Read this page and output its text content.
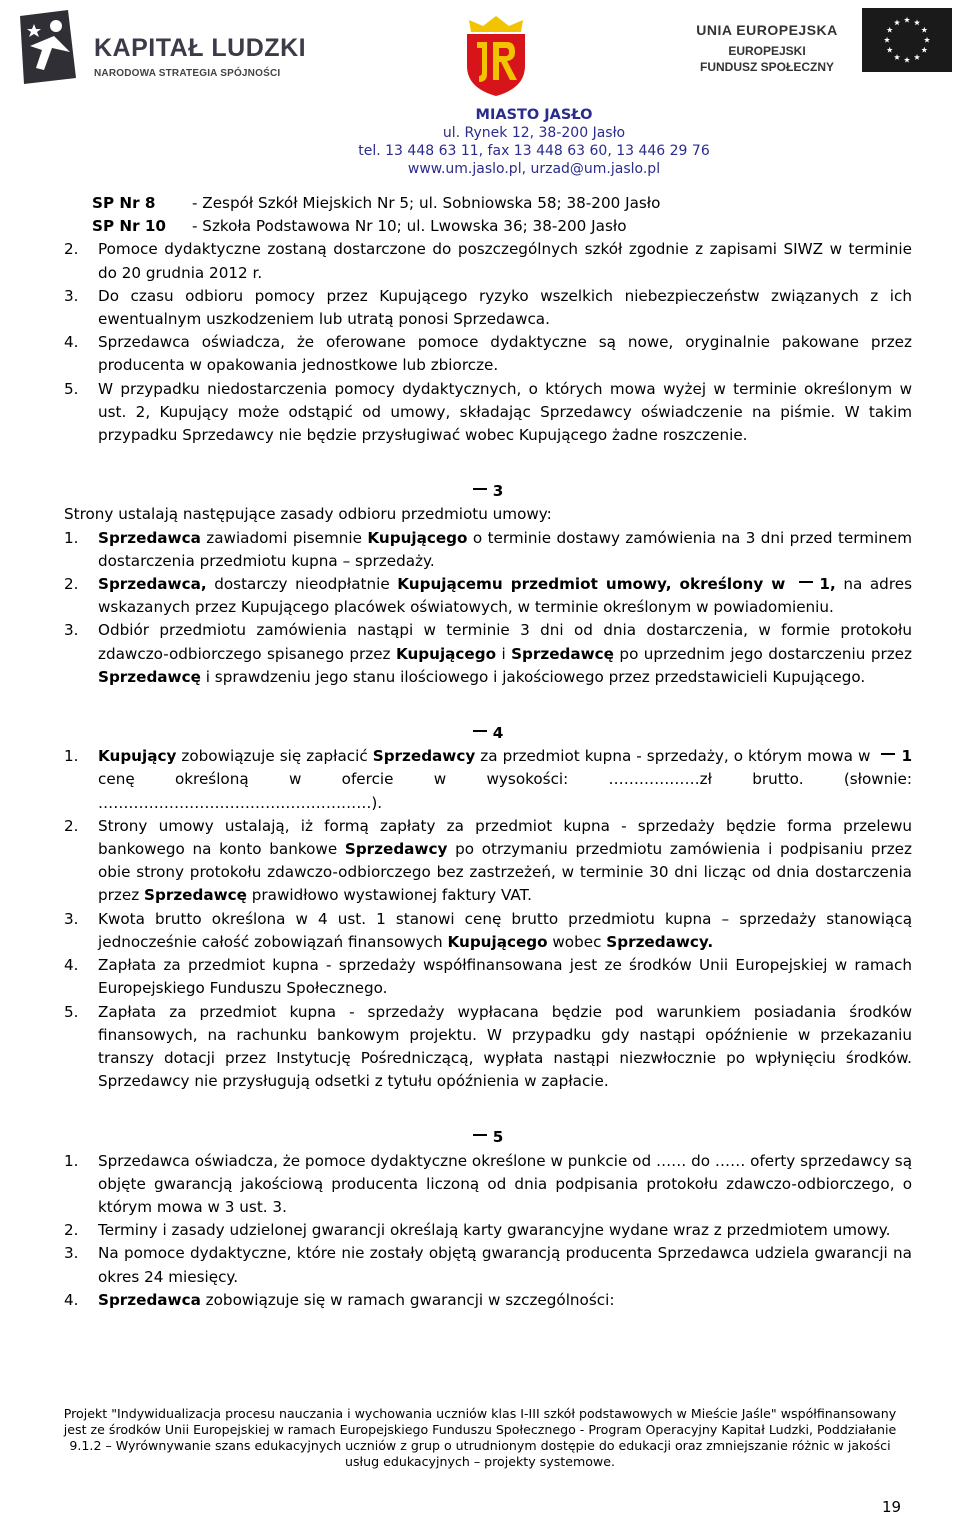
KAPITAŁ LUDZKI
NARODOWA STRATEGIA SPÓJNOŚCI
UNIA EUROPEJSKA
EUROPEJSKI
FUNDUSZ SPOŁECZNY
MIASTO JASŁO
ul. Rynek 12, 38-200 Jasło
tel. 13 448 63 11, fax 13 448 63 60, 13 446 29 76
www.um.jaslo.pl, urzad@um.jaslo.pl
SP Nr 8	- Zespół Szkół Miejskich Nr 5; ul. Sobniowska 58; 38-200 Jasło
SP Nr 10	- Szkoła Podstawowa Nr 10; ul. Lwowska 36; 38-200 Jasło
2.	Pomoce dydaktyczne zostaną dostarczone do poszczególnych szkół zgodnie z zapisami SIWZ w terminie do 20 grudnia 2012 r.
3.	Do czasu odbioru pomocy przez Kupującego ryzyko wszelkich niebezpieczeństw związanych z ich ewentualnym uszkodzeniem lub utratą ponosi Sprzedawca.
4.	Sprzedawca oświadcza, że oferowane pomoce dydaktyczne są nowe, oryginalnie pakowane przez producenta w opakowania jednostkowe lub zbiorcze.
5.	W przypadku niedostarczenia pomocy dydaktycznych, o których mowa wyżej w terminie określonym w ust. 2, Kupujący może odstąpić od umowy, składając Sprzedawcy oświadczenie na piśmie. W takim przypadku Sprzedawcy nie będzie przysługiwać wobec Kupującego żadne roszczenie.
3

Strony ustalają następujące zasady odbioru przedmiotu umowy:

1.	Sprzedawca zawiadomi pisemnie Kupującego o terminie dostawy zamówienia na 3 dni przed terminem dostarczenia przedmiotu kupna – sprzedaży.
2.	Sprzedawca, dostarczy nieodpłatnie Kupującemu przedmiot umowy, określony w 1, na adres wskazanych przez Kupującego placówek oświatowych, w terminie określonym w powiadomieniu.
3.	Odbiór przedmiotu zamówienia nastąpi w terminie 3 dni od dnia dostarczenia, w formie protokołu zdawczo-odbiorczego spisanego przez Kupującego i Sprzedawcę po uprzednim jego dostarczeniu przez Sprzedawcę i sprawdzeniu jego stanu ilościowego i jakościowego przez przedstawicieli Kupującego.
4
1.	Kupujący zobowiązuje się zapłacić Sprzedawcy za przedmiot kupna - sprzedaży, o którym mowa w 1 cenę określoną w ofercie w wysokości: ………………zł brutto. (słownie: ………………………………………………).
2.	Strony umowy ustalają, iż formą zapłaty za przedmiot kupna - sprzedaży będzie forma przelewu bankowego na konto bankowe Sprzedawcy po otrzymaniu przedmiotu zamówienia i podpisaniu przez obie strony protokołu zdawczo-odbiorczego bez zastrzeżeń, w terminie 30 dni licząc od dnia dostarczenia przez Sprzedawcę prawidłowo wystawionej faktury VAT.
3.	Kwota brutto określona w 4 ust. 1 stanowi cenę brutto przedmiotu kupna – sprzedaży stanowiącą jednocześnie całość zobowiązań finansowych Kupującego wobec Sprzedawcy.
4.	Zapłata za przedmiot kupna - sprzedaży współfinansowana jest ze środków Unii Europejskiej w ramach Europejskiego Funduszu Społecznego.
5.	Zapłata za przedmiot kupna - sprzedaży wypłacana będzie pod warunkiem posiadania środków finansowych, na rachunku bankowym projektu. W przypadku gdy nastąpi opóźnienie w przekazaniu transzy dotacji przez Instytucję Pośredniczącą, wypłata nastąpi niezwłocznie po wpłynięciu środków. Sprzedawcy nie przysługują odsetki z tytułu opóźnienia w zapłacie.
5
1.	Sprzedawca oświadcza, że pomoce dydaktyczne określone w punkcie od …… do …… oferty sprzedawcy są objęte gwarancją jakościową producenta liczoną od dnia podpisania protokołu zdawczo-odbiorczego, o którym mowa w 3 ust. 3.
2.	Terminy i zasady udzielonej gwarancji określają karty gwarancyjne wydane wraz z przedmiotem umowy.
3.	Na pomoce dydaktyczne, które nie zostały objętą gwarancją producenta Sprzedawca udziela gwarancji na okres 24 miesięcy.
4.	Sprzedawca zobowiązuje się w ramach gwarancji w szczególności:
Projekt "Indywidualizacja procesu nauczania i wychowania uczniów klas I-III szkół podstawowych w Mieście Jaśle" współfinansowany
jest ze środków Unii Europejskiej w ramach Europejskiego Funduszu Społecznego - Program Operacyjny Kapitał Ludzki, Poddziałanie
9.1.2 – Wyrównywanie szans edukacyjnych uczniów z grup o utrudnionym dostępie do edukacji oraz zmniejszanie różnic w jakości
usług edukacyjnych – projekty systemowe.
19
